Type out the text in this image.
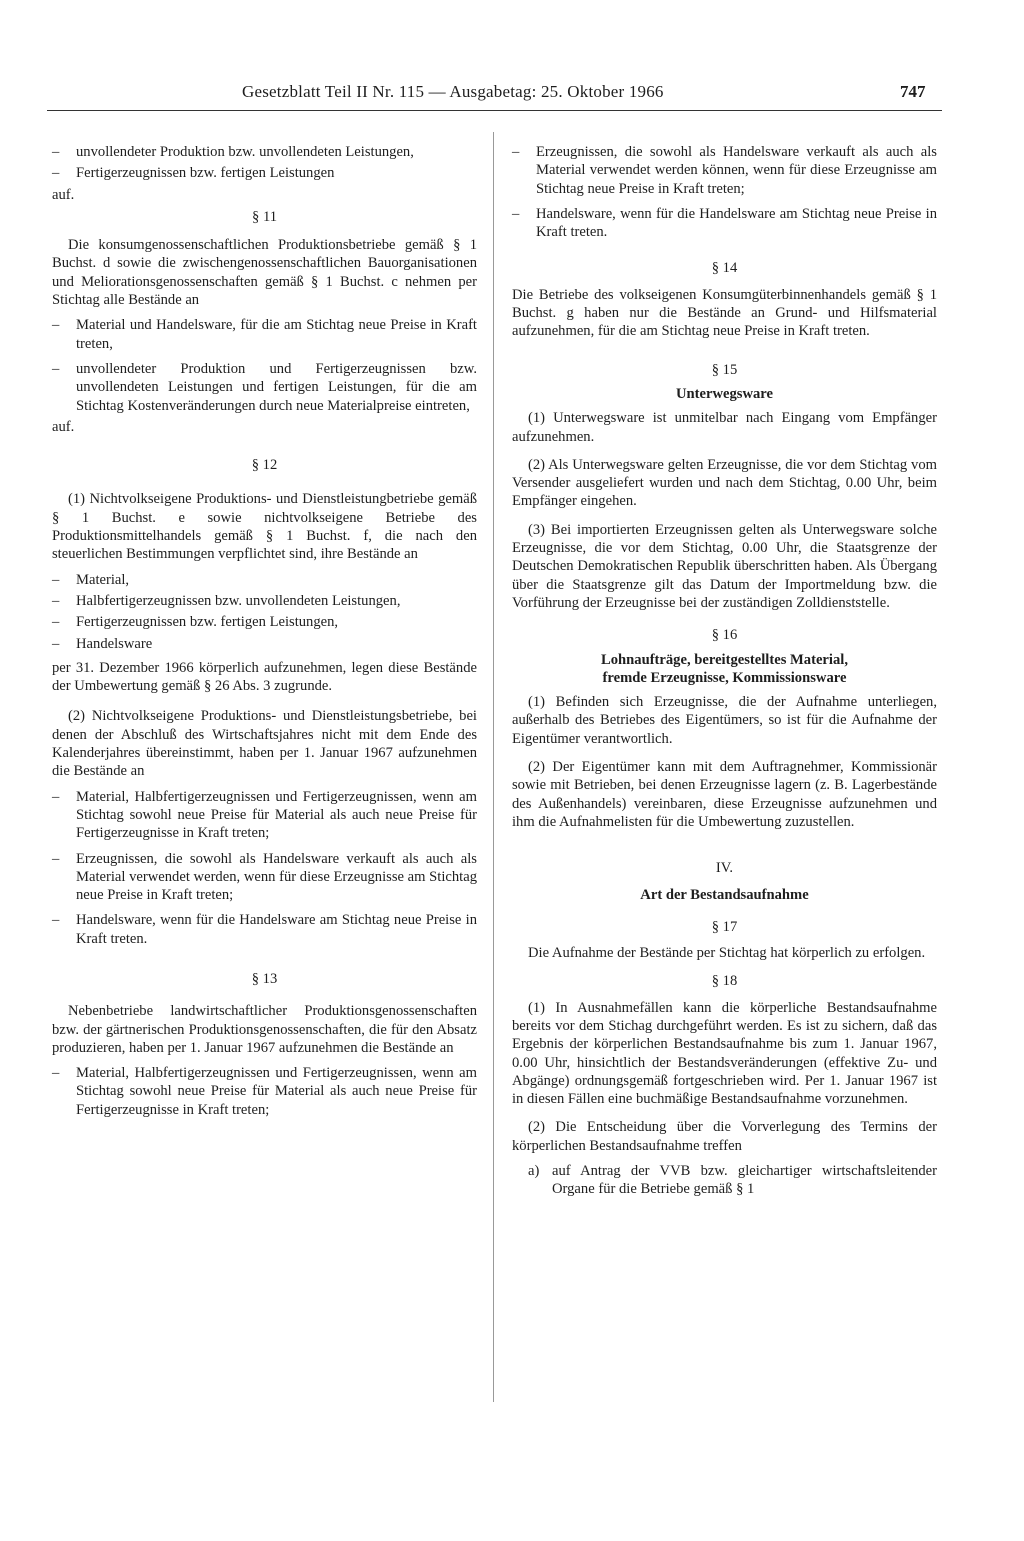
Gesetzblatt Teil II Nr. 115 — Ausgabetag: 25. Oktober 1966	747
–	unvollendeter Produktion bzw. unvollendeten Leistungen,
–	Fertigerzeugnissen bzw. fertigen Leistungen

auf.

§ 11

Die konsumgenossenschaftlichen Produktionsbetriebe gemäß § 1 Buchst. d sowie die zwischengenossenschaftlichen Bauorganisationen und Meliorationsgenossenschaften gemäß § 1 Buchst. c nehmen per Stichtag alle Bestände an

–	Material und Handelsware, für die am Stichtag neue Preise in Kraft treten,
–	unvollendeter Produktion und Fertigerzeugnissen bzw. unvollendeten Leistungen und fertigen Leistungen, für die am Stichtag Kostenveränderungen durch neue Materialpreise eintreten,

auf.

§ 12

(1) Nichtvolkseigene Produktions- und Dienstleistungbetriebe gemäß § 1 Buchst. e sowie nichtvolkseigene Betriebe des Produktionsmittelhandels gemäß § 1 Buchst. f, die nach den steuerlichen Bestimmungen verpflichtet sind, ihre Bestände an

–	Material,
–	Halbfertigerzeugnissen bzw. unvollendeten Leistungen,
–	Fertigerzeugnissen bzw. fertigen Leistungen,
–	Handelsware

per 31. Dezember 1966 körperlich aufzunehmen, legen diese Bestände der Umbewertung gemäß § 26 Abs. 3 zugrunde.

(2) Nichtvolkseigene Produktions- und Dienstleistungsbetriebe, bei denen der Abschluß des Wirtschaftsjahres nicht mit dem Ende des Kalenderjahres übereinstimmt, haben per 1. Januar 1967 aufzunehmen die Bestände an

–	Material, Halbfertigerzeugnissen und Fertigerzeugnissen, wenn am Stichtag sowohl neue Preise für Material als auch neue Preise für Fertigerzeugnisse in Kraft treten;
–	Erzeugnissen, die sowohl als Handelsware verkauft als auch als Material verwendet werden, wenn für diese Erzeugnisse am Stichtag neue Preise in Kraft treten;
–	Handelsware, wenn für die Handelsware am Stichtag neue Preise in Kraft treten.
§ 13

Nebenbetriebe landwirtschaftlicher Produktionsgenossenschaften bzw. der gärtnerischen Produktionsgenossenschaften, die für den Absatz produzieren, haben per 1. Januar 1967 aufzunehmen die Bestände an

–	Material, Halbfertigerzeugnissen und Fertigerzeugnissen, wenn am Stichtag sowohl neue Preise für Material als auch neue Preise für Fertigerzeugnisse in Kraft treten;
–	Erzeugnissen, die sowohl als Handelsware verkauft als auch als Material verwendet werden können, wenn für diese Erzeugnisse am Stichtag neue Preise in Kraft treten;
–	Handelsware, wenn für die Handelsware am Stichtag neue Preise in Kraft treten.
§ 14

Die Betriebe des volkseigenen Konsumgüterbinnenhandels gemäß § 1 Buchst. g haben nur die Bestände an Grund- und Hilfsmaterial aufzunehmen, für die am Stichtag neue Preise in Kraft treten.

§ 15
Unterwegsware

(1) Unterwegsware ist unmitelbar nach Eingang vom Empfänger aufzunehmen.

(2) Als Unterwegsware gelten Erzeugnisse, die vor dem Stichtag vom Versender ausgeliefert wurden und nach dem Stichtag, 0.00 Uhr, beim Empfänger eingehen.

(3) Bei importierten Erzeugnissen gelten als Unterwegsware solche Erzeugnisse, die vor dem Stichtag, 0.00 Uhr, die Staatsgrenze der Deutschen Demokratischen Republik überschritten haben. Als Übergang über die Staatsgrenze gilt das Datum der Importmeldung bzw. die Vorführung der Erzeugnisse bei der zuständigen Zolldienststelle.

§ 16
Lohnaufträge, bereitgestelltes Material,
fremde Erzeugnisse, Kommissionsware

(1) Befinden sich Erzeugnisse, die der Aufnahme unterliegen, außerhalb des Betriebes des Eigentümers, so ist für die Aufnahme der Eigentümer verantwortlich.

(2) Der Eigentümer kann mit dem Auftragnehmer, Kommissionär sowie mit Betrieben, bei denen Erzeugnisse lagern (z. B. Lagerbestände des Außenhandels) vereinbaren, diese Erzeugnisse aufzunehmen und ihm die Aufnahmelisten für die Umbewertung zuzustellen.

IV.
Art der Bestandsaufnahme
§ 17

Die Aufnahme der Bestände per Stichtag hat körperlich zu erfolgen.

§ 18

(1) In Ausnahmefällen kann die körperliche Bestandsaufnahme bereits vor dem Stichag durchgeführt werden. Es ist zu sichern, daß das Ergebnis der körperlichen Bestandsaufnahme bis zum 1. Januar 1967, 0.00 Uhr, hinsichtlich der Bestandsveränderungen (effektive Zu- und Abgänge) ordnungsgemäß fortgeschrieben wird. Per 1. Januar 1967 ist in diesen Fällen eine buchmäßige Bestandsaufnahme vorzunehmen.

(2) Die Entscheidung über die Vorverlegung des Termins der körperlichen Bestandsaufnahme treffen

a) auf Antrag der VVB bzw. gleichartiger wirtschaftsleitender Organe für die Betriebe gemäß § 1
